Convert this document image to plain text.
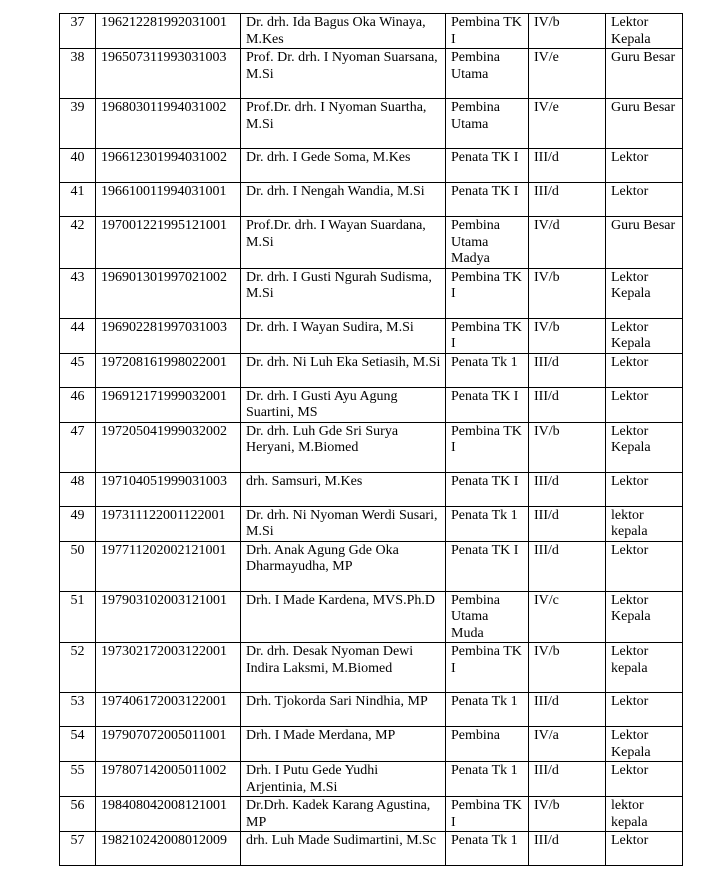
37	196212281992031001	Dr. drh. Ida Bagus Oka Winaya, M.Kes	Pembina TK I	IV/b	Lektor Kepala
38	196507311993031003	Prof. Dr. drh. I Nyoman Suarsana, M.Si	Pembina Utama	IV/e	Guru Besar
39	196803011994031002	Prof.Dr. drh. I Nyoman Suartha, M.Si	Pembina Utama	IV/e	Guru Besar
40	196612301994031002	Dr. drh. I Gede Soma, M.Kes	Penata TK I	III/d	Lektor
41	196610011994031001	Dr. drh. I Nengah Wandia, M.Si	Penata TK I	III/d	Lektor
42	197001221995121001	Prof.Dr. drh. I Wayan Suardana, M.Si	Pembina Utama Madya	IV/d	Guru Besar
43	196901301997021002	Dr. drh. I Gusti Ngurah Sudisma, M.Si	Pembina TK I	IV/b	Lektor Kepala
44	196902281997031003	Dr. drh. I Wayan Sudira, M.Si	Pembina TK I	IV/b	Lektor Kepala
45	197208161998022001	Dr. drh. Ni Luh Eka Setiasih, M.Si	Penata Tk 1	III/d	Lektor
46	196912171999032001	Dr. drh. I Gusti Ayu Agung Suartini, MS	Penata TK I	III/d	Lektor
47	197205041999032002	Dr. drh. Luh Gde Sri Surya Heryani, M.Biomed	Pembina TK I	IV/b	Lektor Kepala
48	197104051999031003	drh. Samsuri, M.Kes	Penata TK I	III/d	Lektor
49	197311122001122001	Dr. drh. Ni Nyoman Werdi Susari, M.Si	Penata Tk 1	III/d	lektor kepala
50	197711202002121001	Drh. Anak Agung Gde Oka Dharmayudha, MP	Penata TK I	III/d	Lektor
51	197903102003121001	Drh. I Made Kardena, MVS.Ph.D	Pembina Utama Muda	IV/c	Lektor Kepala
52	197302172003122001	Dr. drh. Desak Nyoman Dewi Indira Laksmi, M.Biomed	Pembina TK I	IV/b	Lektor kepala
53	197406172003122001	Drh. Tjokorda Sari Nindhia, MP	Penata Tk 1	III/d	Lektor
54	197907072005011001	Drh. I Made Merdana, MP	Pembina	IV/a	Lektor Kepala
55	197807142005011002	Drh. I Putu Gede Yudhi Arjentinia, M.Si	Penata Tk 1	III/d	Lektor
56	198408042008121001	Dr.Drh. Kadek Karang Agustina, MP	Pembina TK I	IV/b	lektor kepala
57	198210242008012009	drh. Luh Made Sudimartini, M.Sc	Penata Tk 1	III/d	Lektor
